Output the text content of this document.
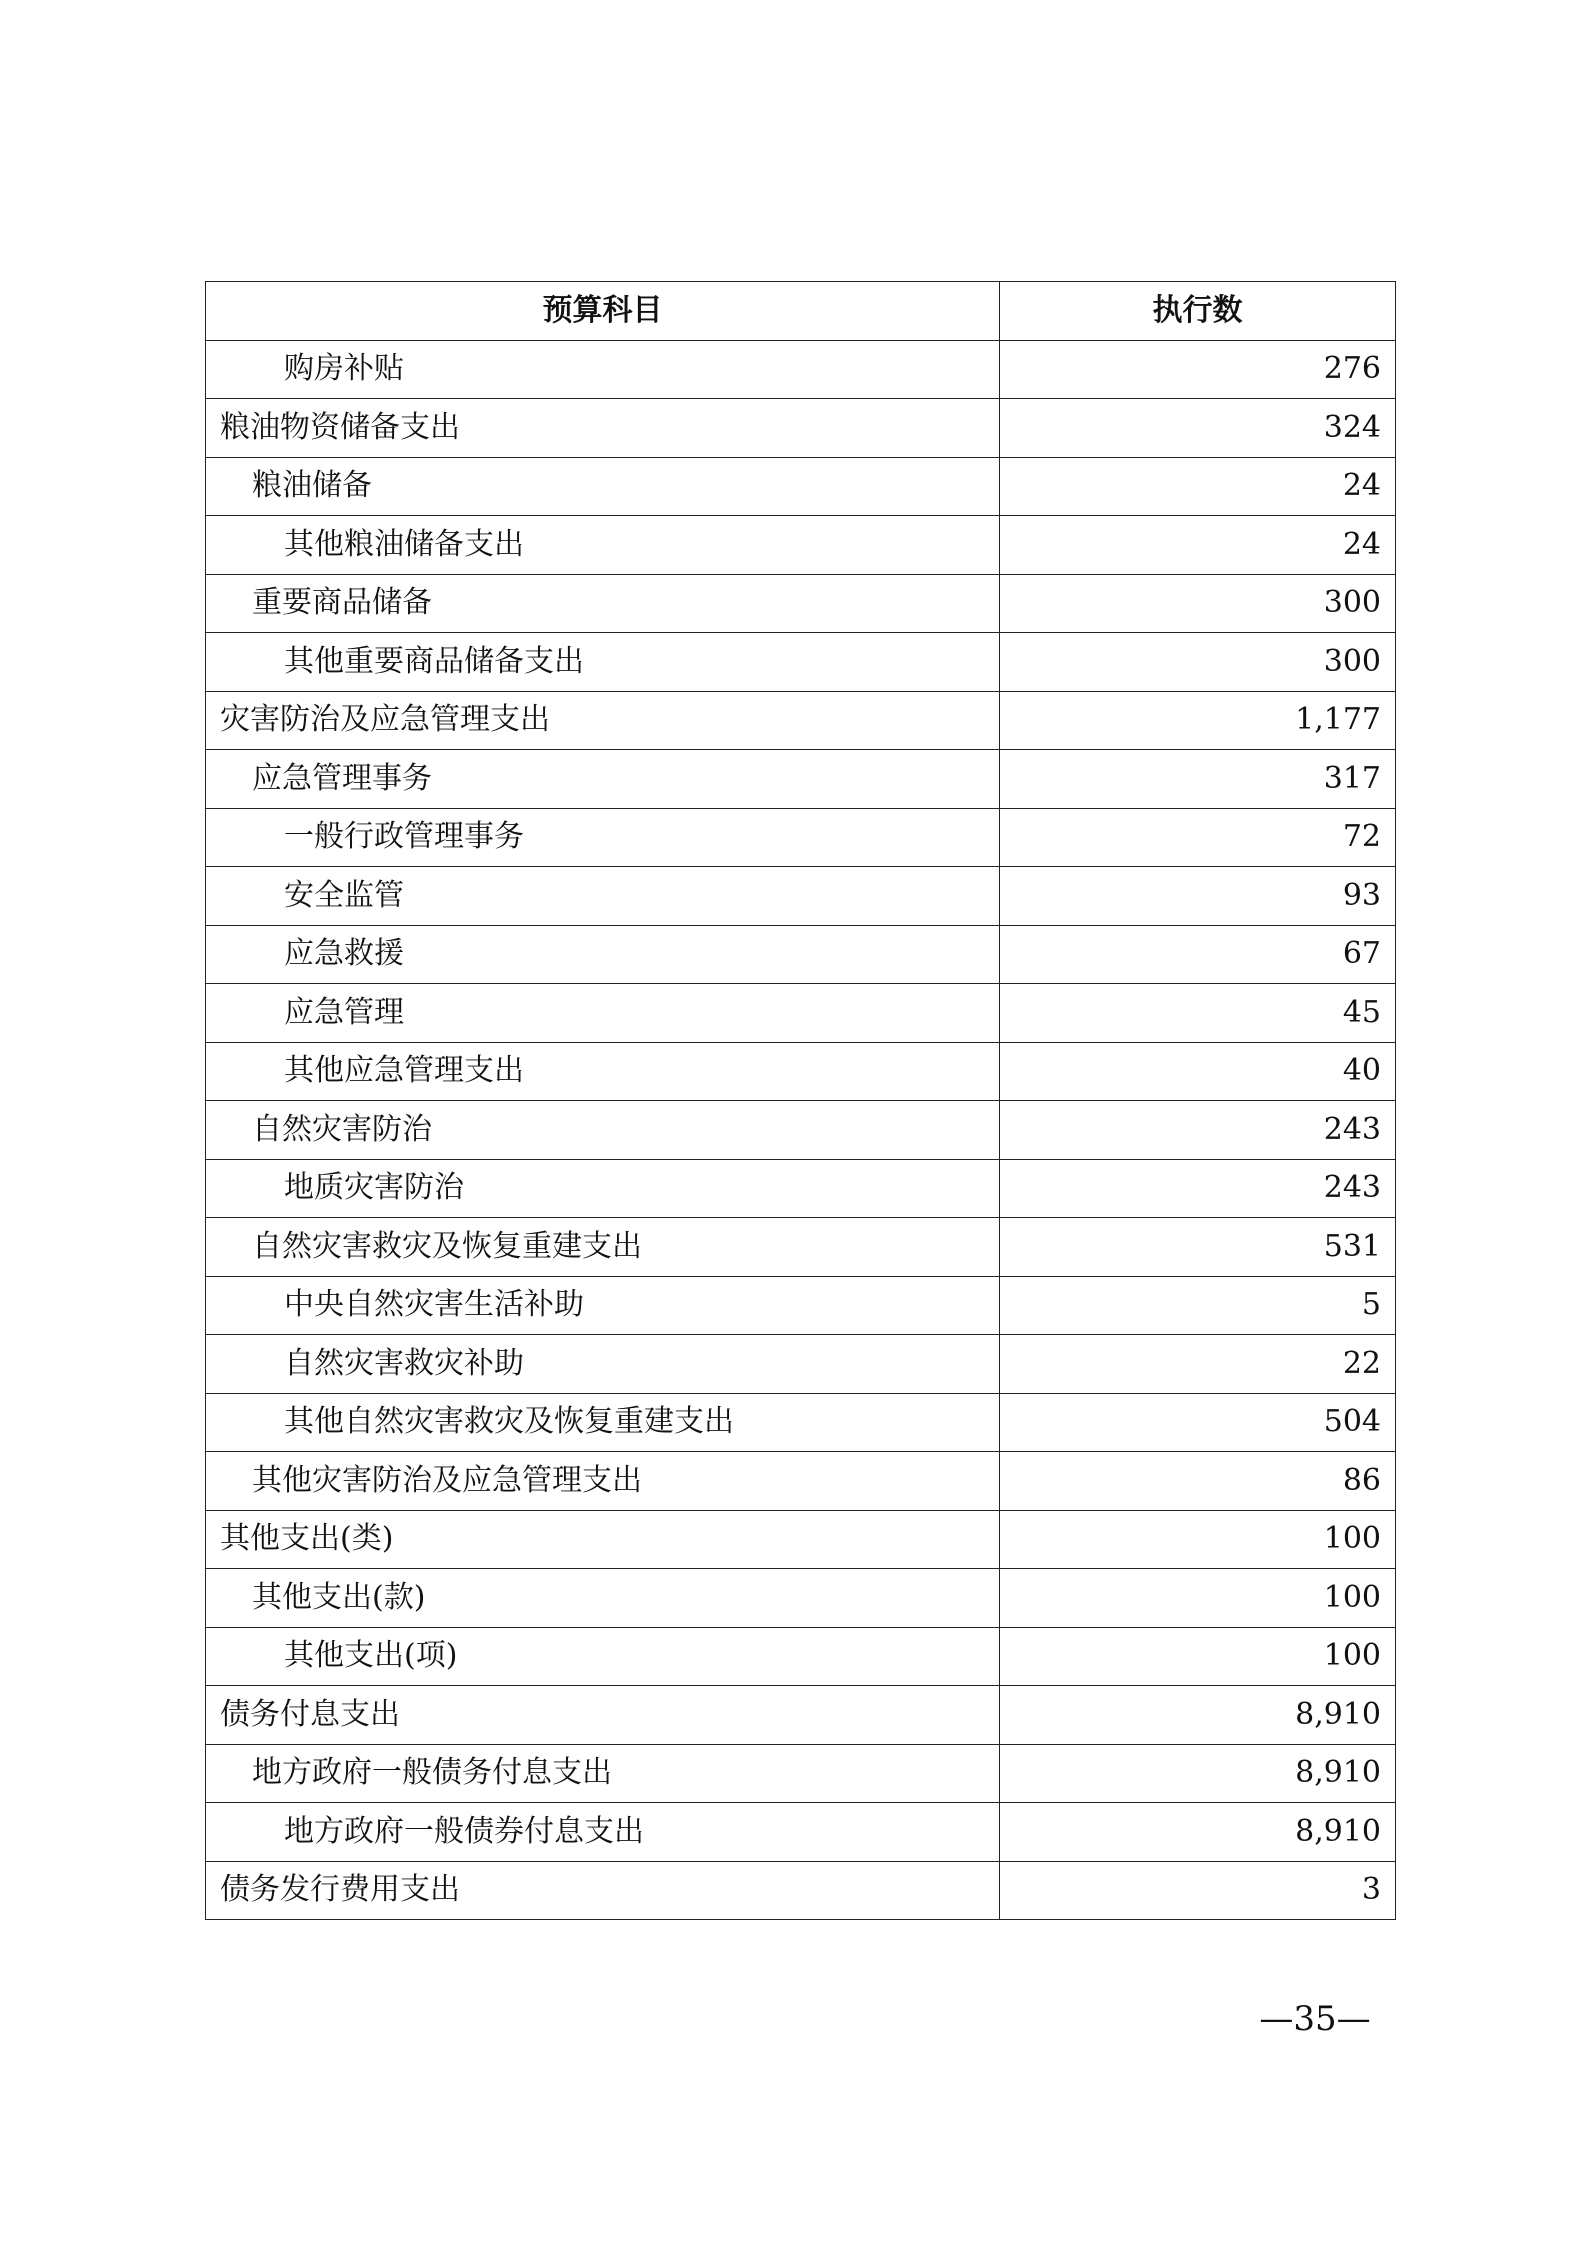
预算科目	执行数
购房补贴	276
粮油物资储备支出	324
粮油储备	24
其他粮油储备支出	24
重要商品储备	300
其他重要商品储备支出	300
灾害防治及应急管理支出	1,177
应急管理事务	317
一般行政管理事务	72
安全监管	93
应急救援	67
应急管理	45
其他应急管理支出	40
自然灾害防治	243
地质灾害防治	243
自然灾害救灾及恢复重建支出	531
中央自然灾害生活补助	5
自然灾害救灾补助	22
其他自然灾害救灾及恢复重建支出	504
其他灾害防治及应急管理支出	86
其他支出(类)	100
其他支出(款)	100
其他支出(项)	100
债务付息支出	8,910
地方政府一般债务付息支出	8,910
地方政府一般债券付息支出	8,910
债务发行费用支出	3
—35—
